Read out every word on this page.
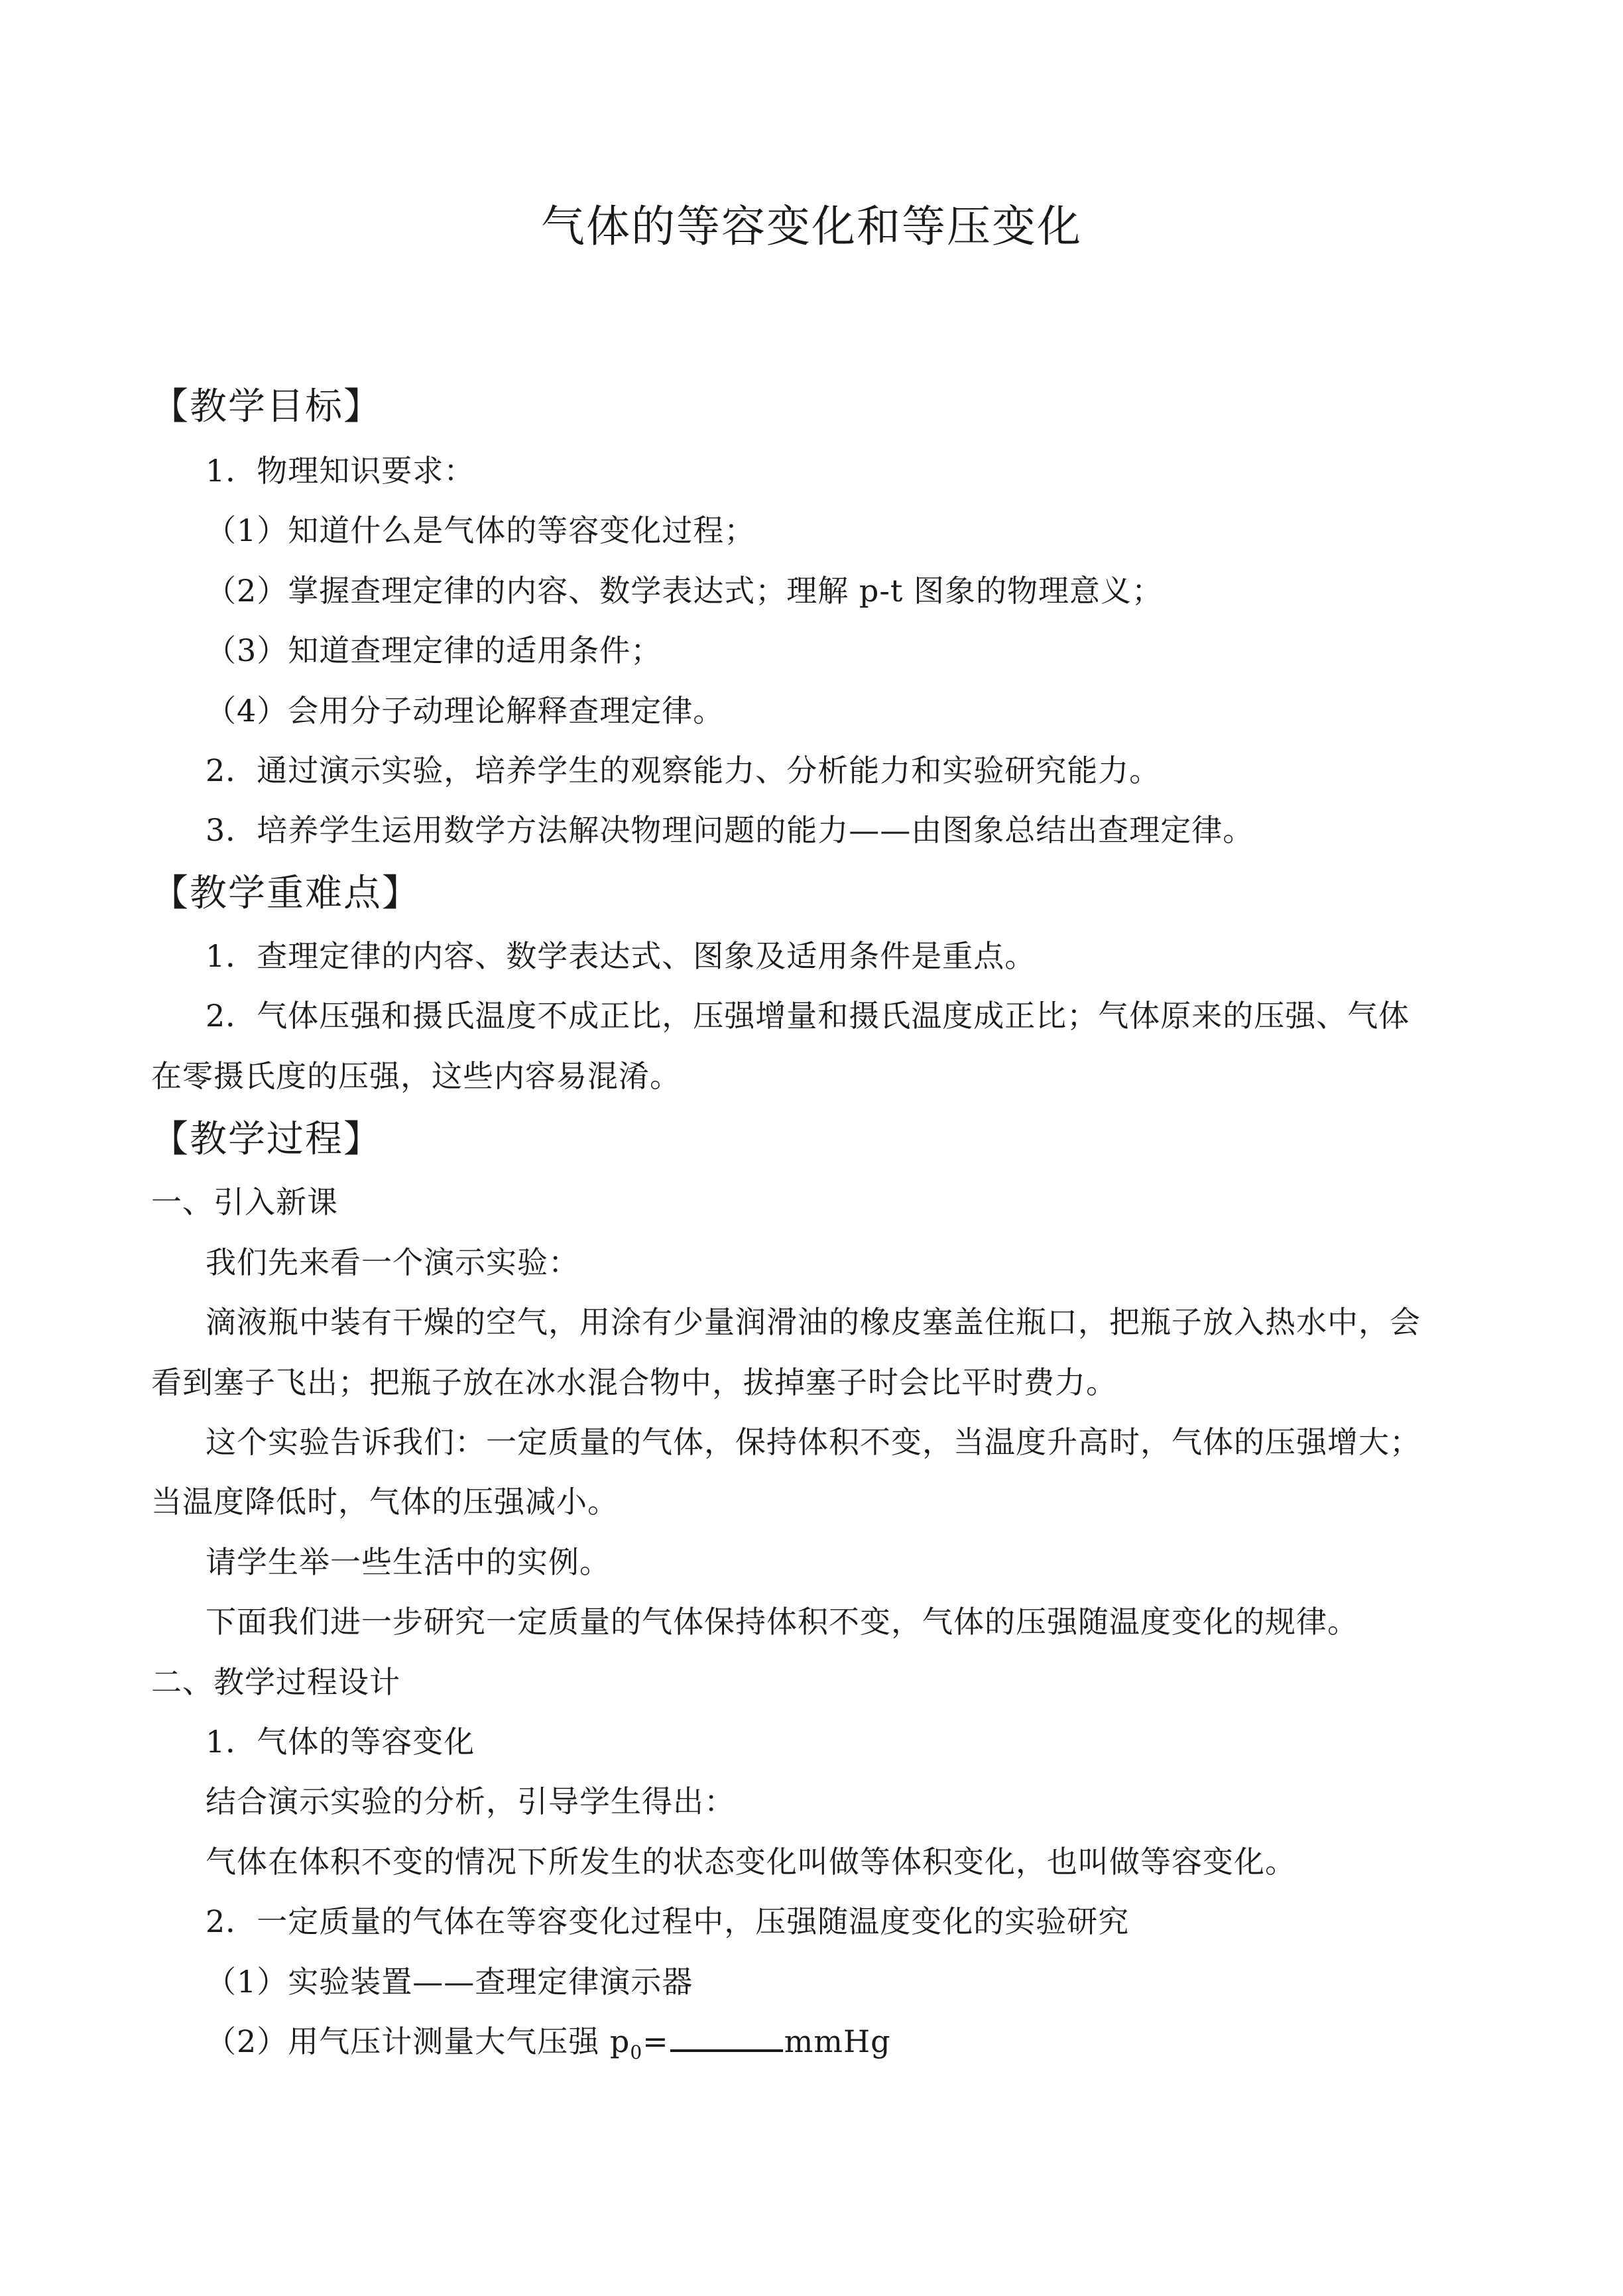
气体的等容变化和等压变化
【教学目标】
1．物理知识要求：
（1）知道什么是气体的等容变化过程；
（2）掌握查理定律的内容、数学表达式；理解 p-t 图象的物理意义；
（3）知道查理定律的适用条件；
（4）会用分子动理论解释查理定律。
2．通过演示实验，培养学生的观察能力、分析能力和实验研究能力。
3．培养学生运用数学方法解决物理问题的能力——由图象总结出查理定律。
【教学重难点】
1．查理定律的内容、数学表达式、图象及适用条件是重点。
2．气体压强和摄氏温度不成正比，压强增量和摄氏温度成正比；气体原来的压强、气体
在零摄氏度的压强，这些内容易混淆。
【教学过程】
一、引入新课
我们先来看一个演示实验：
滴液瓶中装有干燥的空气，用涂有少量润滑油的橡皮塞盖住瓶口，把瓶子放入热水中，会
看到塞子飞出；把瓶子放在冰水混合物中，拔掉塞子时会比平时费力。
这个实验告诉我们：一定质量的气体，保持体积不变，当温度升高时，气体的压强增大；
当温度降低时，气体的压强减小。
请学生举一些生活中的实例。
下面我们进一步研究一定质量的气体保持体积不变，气体的压强随温度变化的规律。
二、教学过程设计
1．气体的等容变化
结合演示实验的分析，引导学生得出：
气体在体积不变的情况下所发生的状态变化叫做等体积变化，也叫做等容变化。
2．一定质量的气体在等容变化过程中，压强随温度变化的实验研究
（1）实验装置——查理定律演示器
（2）用气压计测量大气压强 $p_0=$	mmHg
